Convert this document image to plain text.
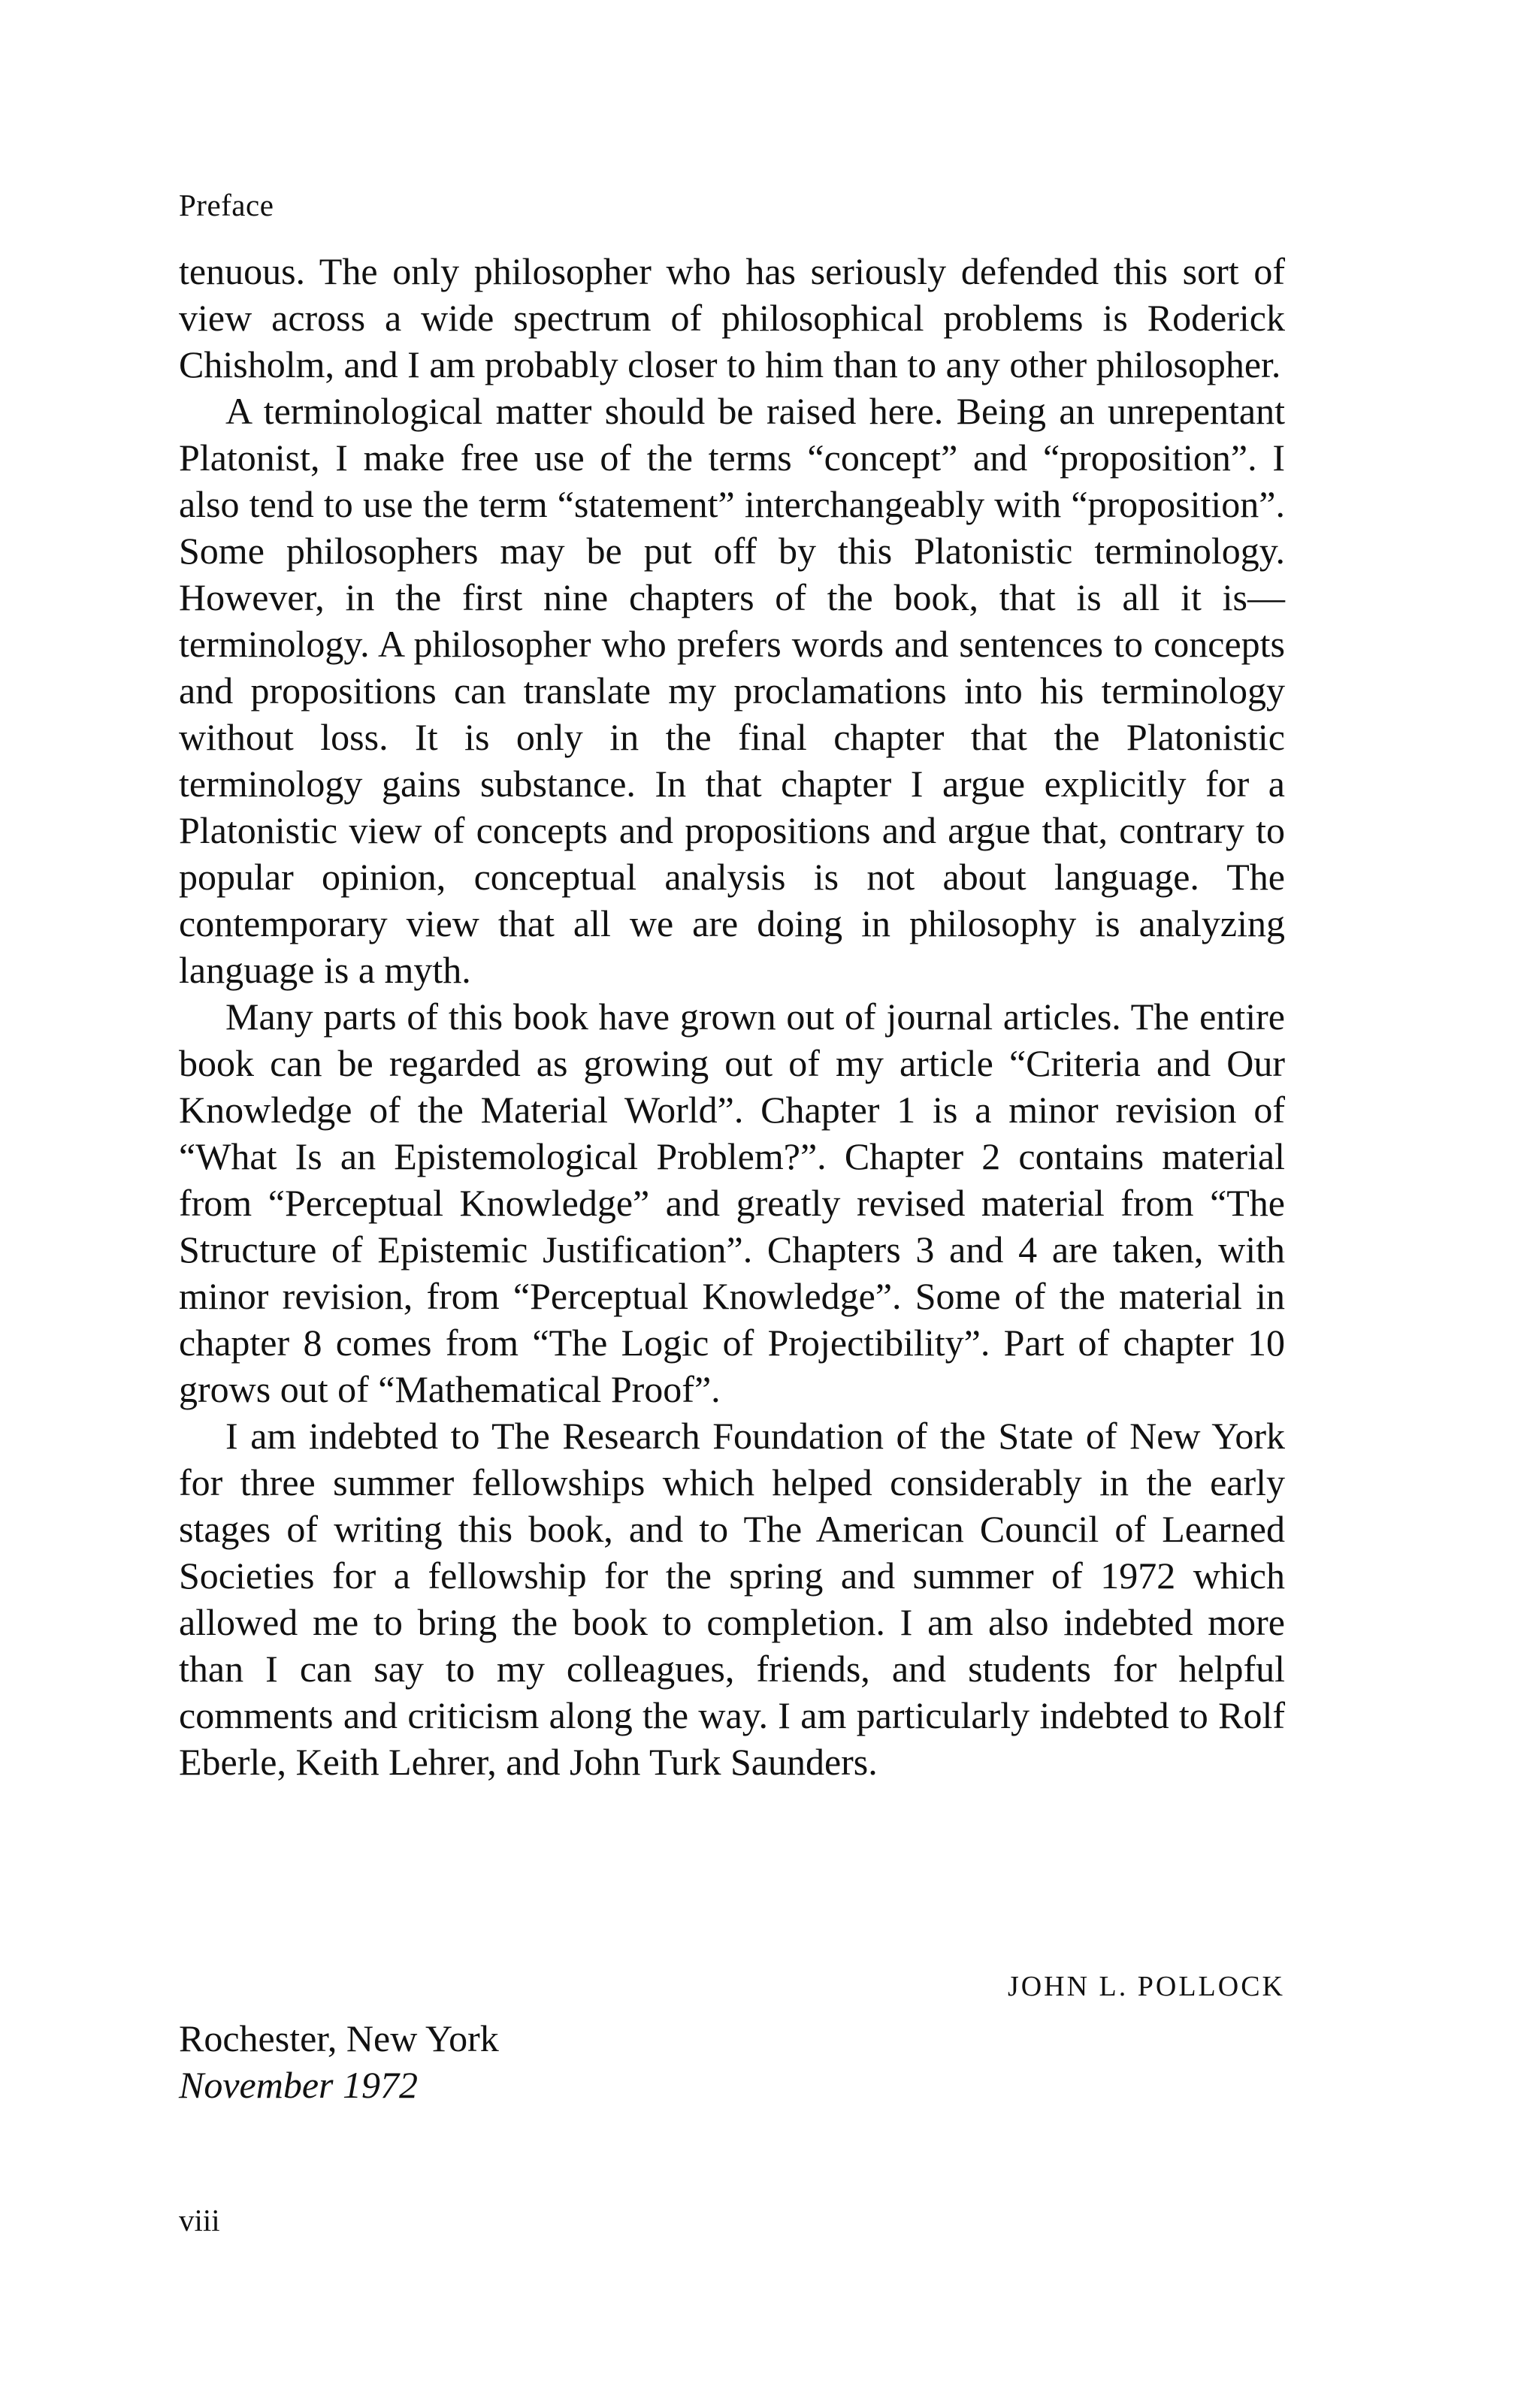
Preface

tenuous. The only philosopher who has seriously defended this sort of view across a wide spectrum of philosophical problems is Roderick Chisholm, and I am probably closer to him than to any other philosopher.

A terminological matter should be raised here. Being an unrepentant Platonist, I make free use of the terms “concept” and “proposition”. I also tend to use the term “statement” interchangeably with “proposition”. Some philosophers may be put off by this Platonistic terminology. However, in the first nine chapters of the book, that is all it is—terminology. A philosopher who prefers words and sentences to concepts and propositions can translate my proclamations into his terminology without loss. It is only in the final chapter that the Platonistic terminology gains substance. In that chapter I argue explicitly for a Platonistic view of concepts and propositions and argue that, contrary to popular opinion, conceptual analysis is not about language. The contemporary view that all we are doing in philosophy is analyzing language is a myth.

Many parts of this book have grown out of journal articles. The entire book can be regarded as growing out of my article “Criteria and Our Knowledge of the Material World”. Chapter 1 is a minor revision of “What Is an Epistemological Problem?”. Chapter 2 contains material from “Perceptual Knowledge” and greatly revised material from “The Structure of Epistemic Justification”. Chapters 3 and 4 are taken, with minor revision, from “Perceptual Knowledge”. Some of the material in chapter 8 comes from “The Logic of Projectibility”. Part of chapter 10 grows out of “Mathematical Proof”.

I am indebted to The Research Foundation of the State of New York for three summer fellowships which helped considerably in the early stages of writing this book, and to The American Council of Learned Societies for a fellowship for the spring and summer of 1972 which allowed me to bring the book to completion. I am also indebted more than I can say to my colleagues, friends, and students for helpful comments and criticism along the way. I am particularly indebted to Rolf Eberle, Keith Lehrer, and John Turk Saunders.

JOHN L. POLLOCK
Rochester, New York
November 1972
viii
